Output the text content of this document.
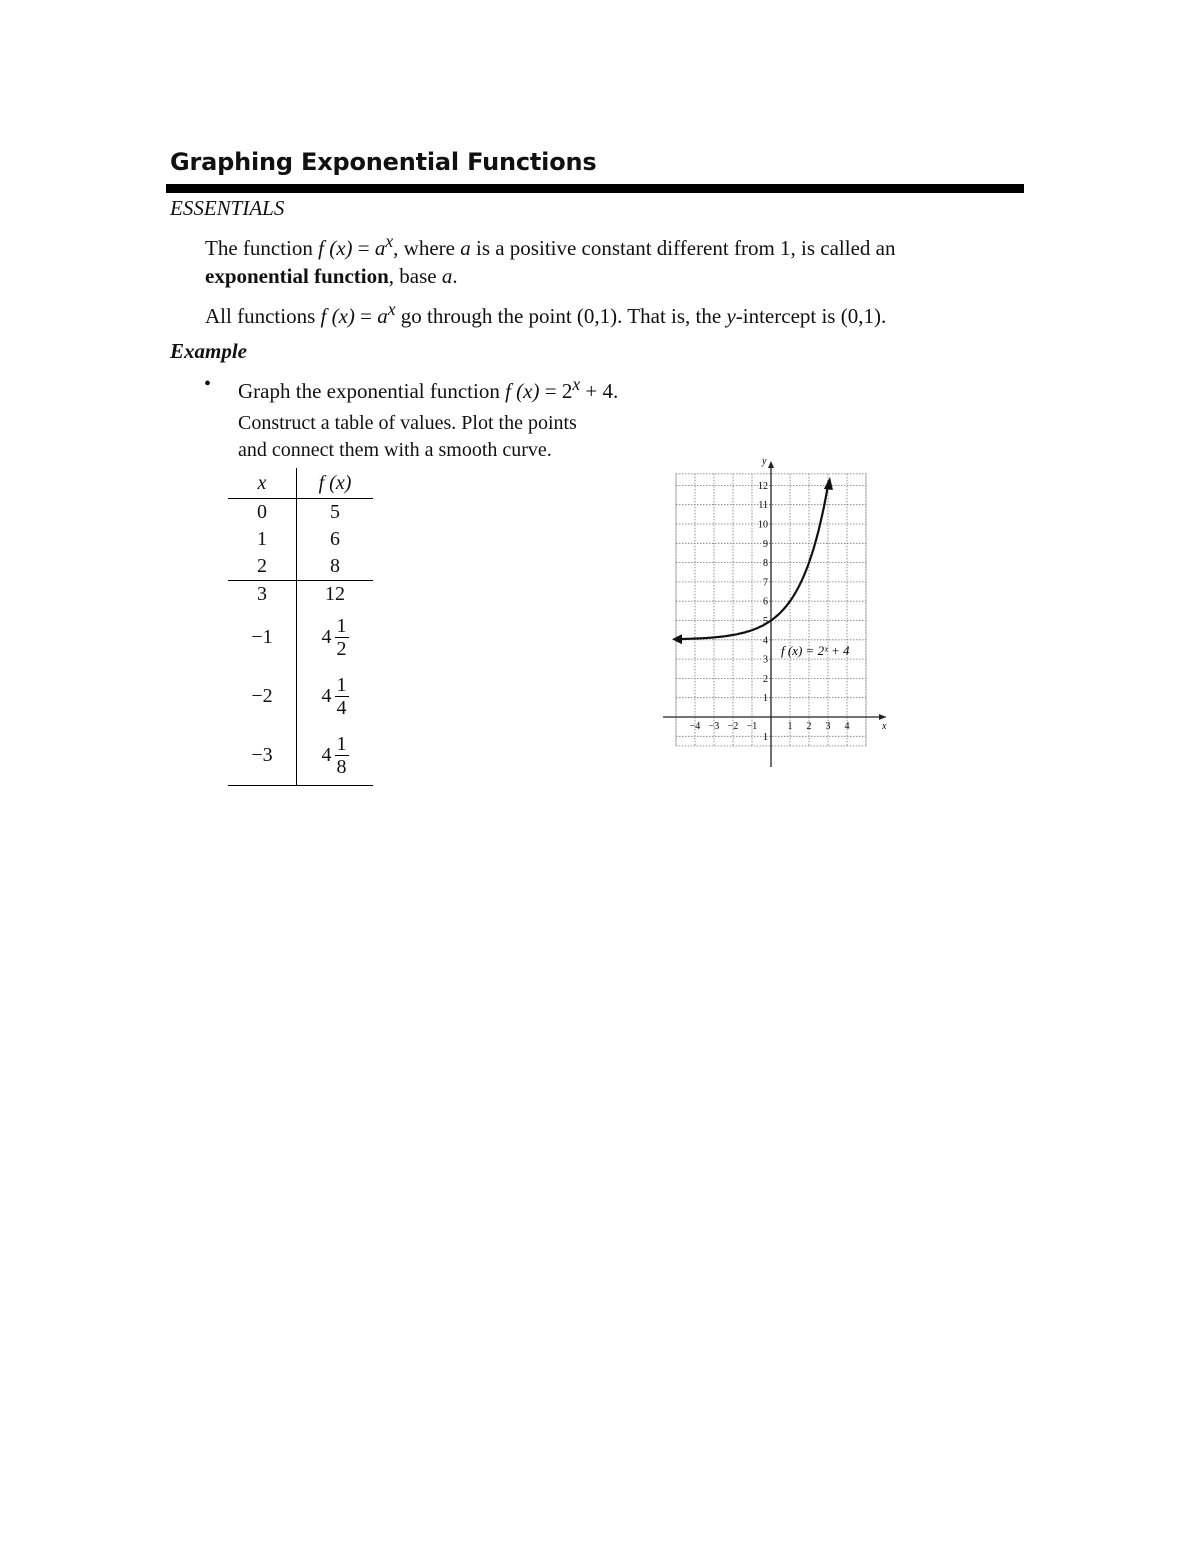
Graphing Exponential Functions
ESSENTIALS
The function f $(x) = a^x$, where a is a positive constant different from 1, is called an
exponential function, base a.
All functions f $(x) = a^x$ go through the point (0,1). That is, the y-intercept is (0,1).
Example
• Graph the exponential function f $(x) = 2^x + 4$.
Construct a table of values. Plot the points
and connect them with a smooth curve.
x	f (x)
0	5
1	6
2	8
3	12
−1	$4 \frac{1}{2}$

−2	$4 \frac{1}{4}$

−3	$4 \frac{1}{8}$
x
y
−4 −3 −2 −1	1 2 3 4
1
2
3
4
5
6
7
8
9
10
11
12
1
f (x) = 2ˣ + 4
